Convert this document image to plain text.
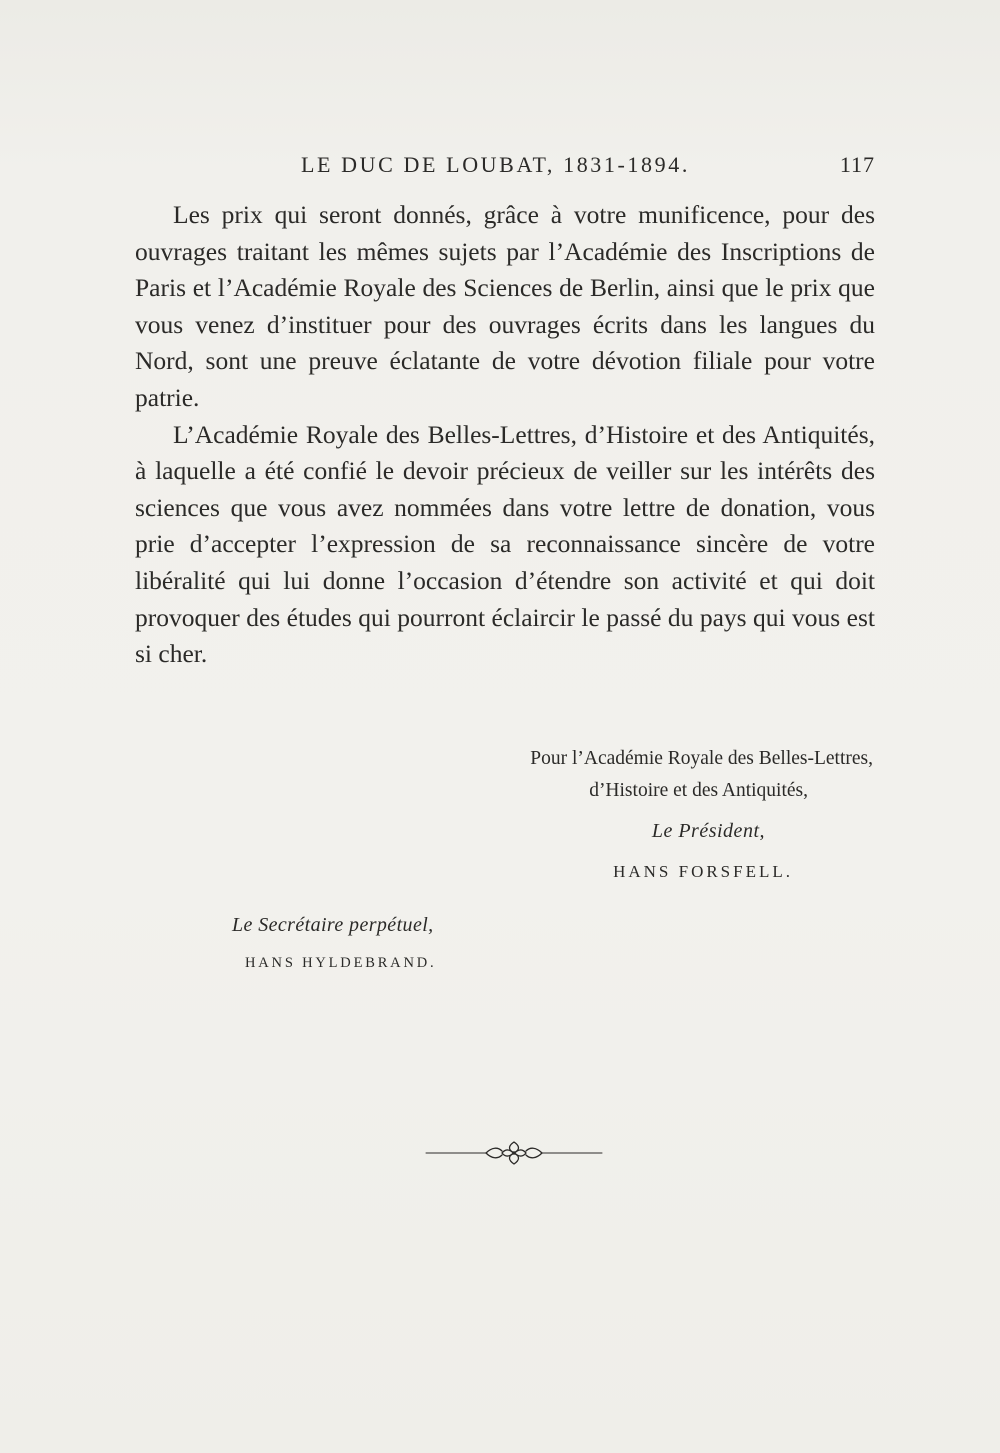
LE DUC DE LOUBAT, 1831-1894.	117

Les prix qui seront donnés, grâce à votre munificence, pour des ouvrages traitant les mêmes sujets par l’Académie des Inscriptions de Paris et l’Académie Royale des Sciences de Berlin, ainsi que le prix que vous venez d’instituer pour des ouvrages écrits dans les langues du Nord, sont une preuve éclatante de votre dévotion filiale pour votre patrie.

L’Académie Royale des Belles-Lettres, d’Histoire et des Antiquités, à laquelle a été confié le devoir précieux de veiller sur les intérêts des sciences que vous avez nommées dans votre lettre de donation, vous prie d’accepter l’expression de sa reconnaissance sincère de votre libéralité qui lui donne l’occasion d’étendre son activité et qui doit provoquer des études qui pourront éclaircir le passé du pays qui vous est si cher.

Pour l’Académie Royale des Belles-Lettres,
d’Histoire et des Antiquités,
Le Président,
HANS FORSFELL.
Le Secrétaire perpétuel,
HANS HYLDEBRAND.
